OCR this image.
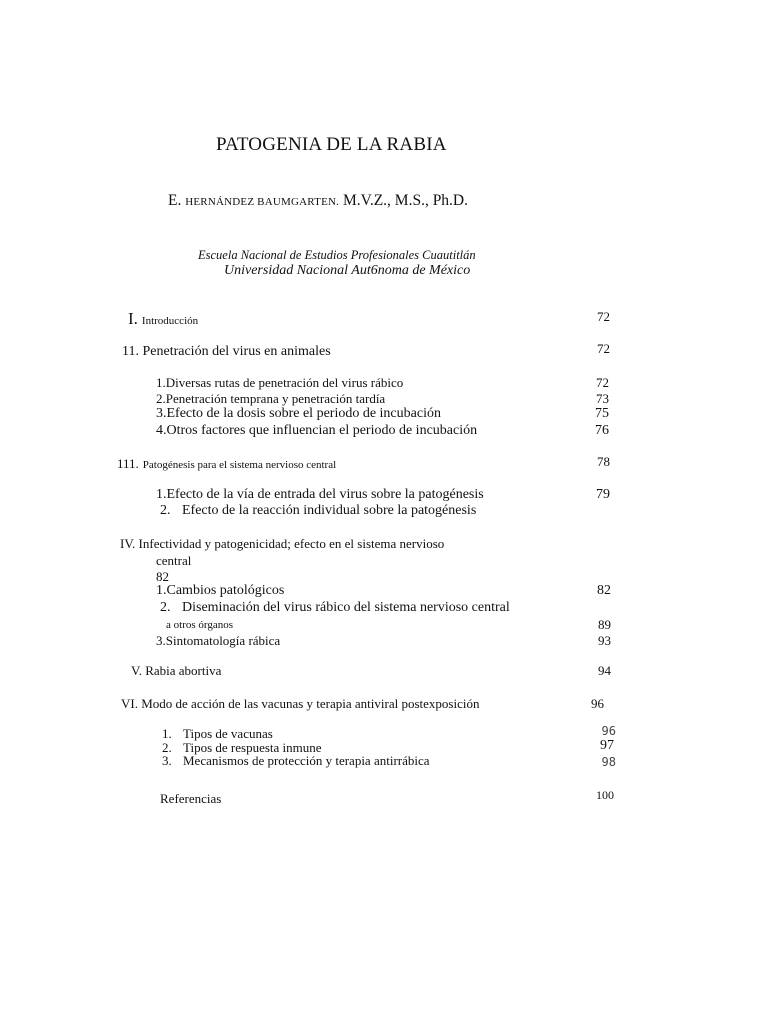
PATOGENIA DE LA RABIA
E. HERNÁNDEZ BAUMGARTEN. M.V.Z., M.S., Ph.D.
Escuela Nacional de Estudios Profesionales Cuautitlán
Universidad Nacional Aut6noma de México
I. Introducción	72
11. Penetración del virus en animales	72
1.Diversas rutas de penetración del virus rábico	72
2.Penetración temprana y penetración tardía	73
3.Efecto de la dosis sobre el periodo de incubación	75
4.Otros factores que influencian el periodo de incubación	76
111. Patogénesis para el sistema nervioso central	78
1.Efecto de la vía de entrada del virus sobre la patogénesis	79
2. Efecto de la reacción individual sobre la patogénesis
IV. Infectividad y patogenicidad; efecto en el sistema nervioso
central
82
1.Cambios patológicos	82
2. Diseminación del virus rábico del sistema nervioso central
a otros órganos	89
3.Sintomatología rábica	93
V. Rabia abortiva	94
VI. Modo de acción de las vacunas y terapia antiviral postexposición	96
1. Tipos de vacunas	96
2. Tipos de respuesta inmune	97
3. Mecanismos de protección y terapia antirrábica	98
Referencias	100
